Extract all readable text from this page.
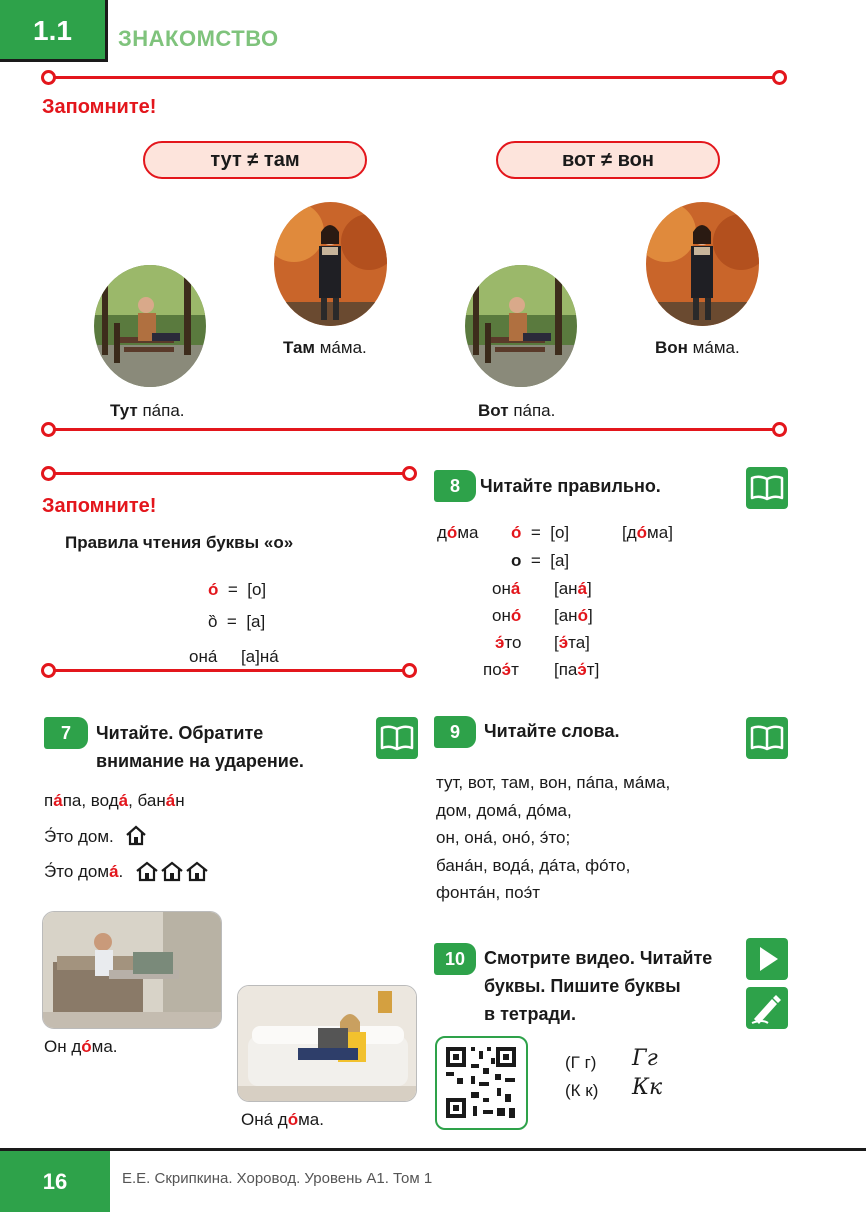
1.1	ЗНАКОМСТВО
Запомните!
тут ≠ там	вот ≠ вон
Тут пáпа.
Там мáма.
Вот пáпа.
Вон мáма.
Запомните!
Правила чтения буквы «о»
ó = [о]
ȍ = [а]
онá [а]нá
8	Читайте правильно.
дóма ó = [о]	[дóма]
о = [а]
онá [анá]
онó [анó]
э́то [э́та]
поэ́т [паэ́т]
7	Читайте. Обратите
внимание на ударение.
пáпа, водá, банáн
Э́то дом.
Э́то домá.
Он дóма.
Онá дóма.
9	Читайте слова.
тут, вот, там, вон, пáпа, мáма,
дом, домá, дóма,
он, онá, онó, э́то;
банáн, водá, дáта, фóто,
фонтáн, поэ́т
10	Смотрите видео. Читайте
буквы. Пишите буквы
в тетради.
(Г г) Гг
(К к) Кк
16	Е.Е. Скрипкина. Хоровод. Уровень А1. Том 1
